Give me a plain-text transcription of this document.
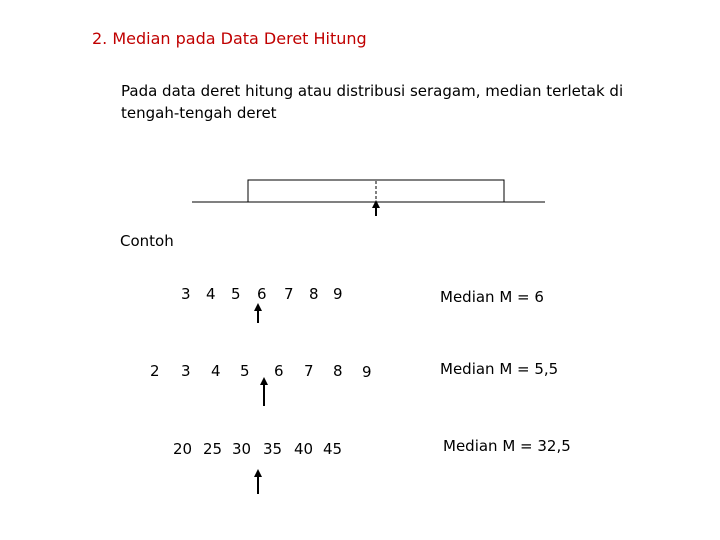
2. Median pada Data Deret Hitung
Pada data deret hitung atau distribusi seragam, median terletak di tengah-tengah deret
Contoh
3 4 5 6 7 8 9	Median M = 6
2 3 4 5 6 7 8 9	Median M = 5,5
20 25 30 35 40 45	Median M = 32,5
